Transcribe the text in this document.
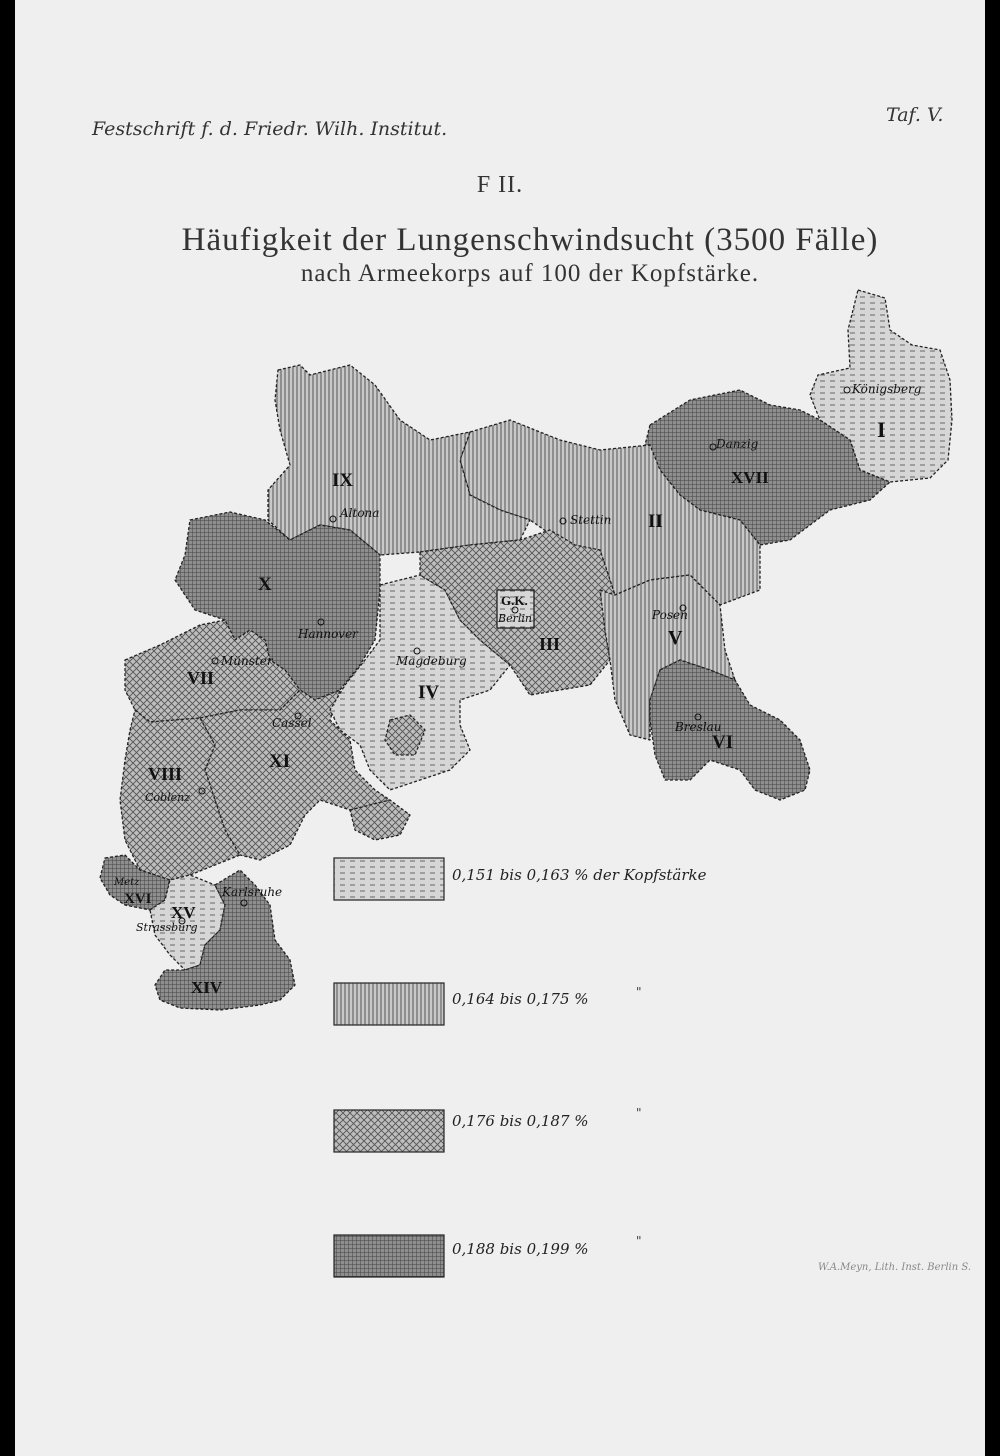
Festschrift f. d. Friedr. Wilh. Institut.
Taf. V.
F II.
Häufigkeit der Lungenschwindsucht (3500 Fälle)
nach Armeekorps auf 100 der Kopfstärke.
I
XVII
II
IX
X
VII
XI
VIII
IV
III	V
VI
XVI
XV
XIV
G.K.
Königsberg
Danzig
Stettin
Altona
Hannover
Münster	Magdeburg
Berlin	Posen
Breslau
Cassel
Coblenz
Metz
Karlsruhe
Strassburg
0,151 bis 0,163 % der Kopfstärke
0,164 bis 0,175 %	"
0,176 bis 0,187 %	"
0,188 bis 0,199 %	"
W.A.Meyn, Lith. Inst. Berlin S.
